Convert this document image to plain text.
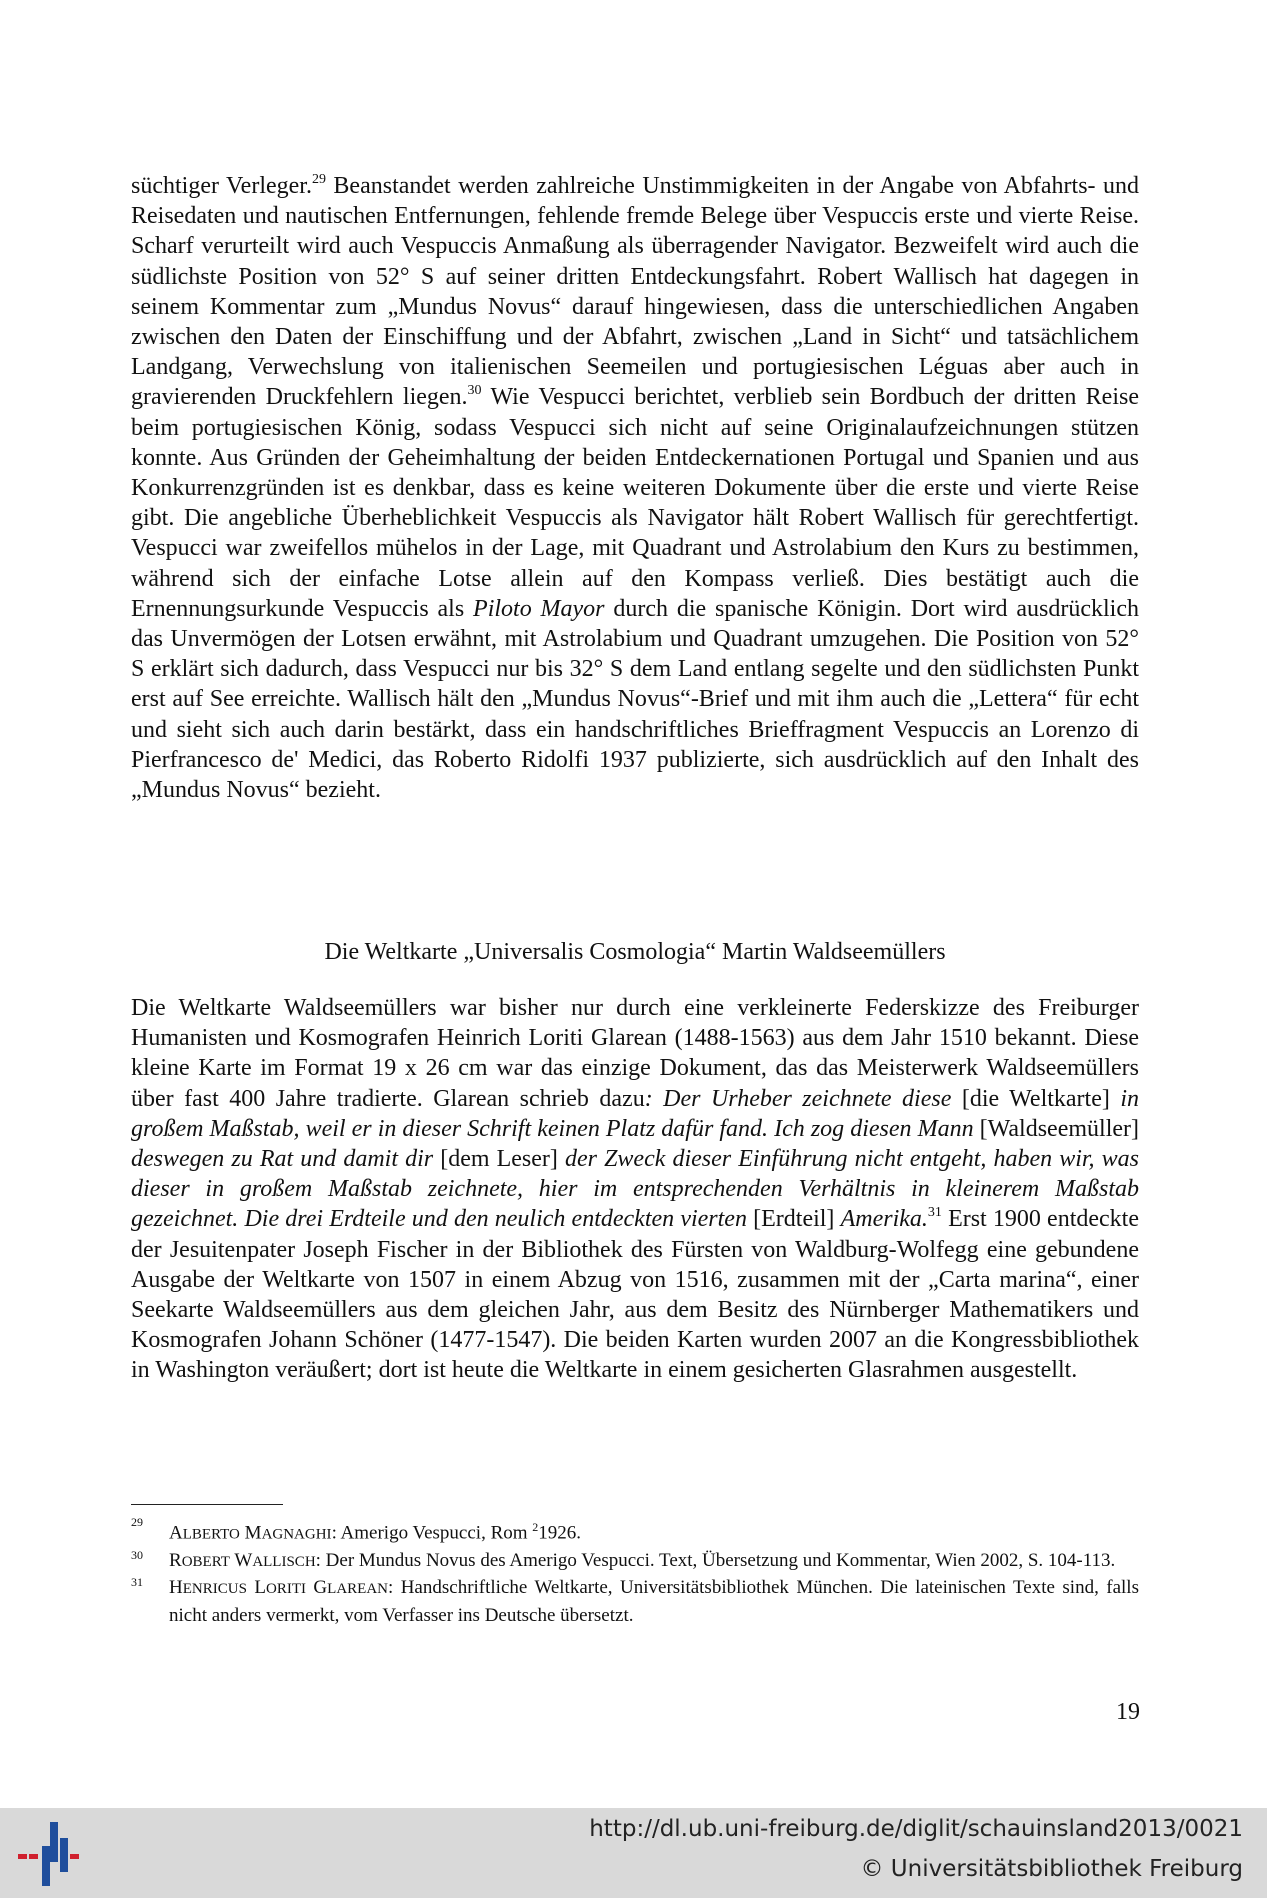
süchtiger Verleger.$^{29}$ Beanstandet werden zahlreiche Unstimmigkeiten in der Angabe von Abfahrts- und Reisedaten und nautischen Entfernungen, fehlende fremde Belege über Vespuccis erste und vierte Reise. Scharf verurteilt wird auch Vespuccis Anmaßung als überragender Navigator. Bezweifelt wird auch die südlichste Position von 52° S auf seiner dritten Entdeckungsfahrt. Robert Wallisch hat dagegen in seinem Kommentar zum „Mundus Novus“ darauf hingewiesen, dass die unterschiedlichen Angaben zwischen den Daten der Einschiffung und der Abfahrt, zwischen „Land in Sicht“ und tatsächlichem Landgang, Verwechslung von italienischen Seemeilen und portugiesischen Léguas aber auch in gravierenden Druckfehlern liegen.$^{30}$ Wie Vespucci berichtet, verblieb sein Bordbuch der dritten Reise beim portugiesischen König, sodass Vespucci sich nicht auf seine Originalaufzeichnungen stützen konnte. Aus Gründen der Geheimhaltung der beiden Entdeckernationen Portugal und Spanien und aus Konkurrenzgründen ist es denkbar, dass es keine weiteren Dokumente über die erste und vierte Reise gibt. Die angebliche Überheblichkeit Vespuccis als Navigator hält Robert Wallisch für gerechtfertigt. Vespucci war zweifellos mühelos in der Lage, mit Quadrant und Astrolabium den Kurs zu bestimmen, während sich der einfache Lotse allein auf den Kompass verließ. Dies bestätigt auch die Ernennungsurkunde Vespuccis als Piloto Mayor durch die spanische Königin. Dort wird ausdrücklich das Unvermögen der Lotsen erwähnt, mit Astrolabium und Quadrant umzugehen. Die Position von 52° S erklärt sich dadurch, dass Vespucci nur bis 32° S dem Land entlang segelte und den südlichsten Punkt erst auf See erreichte. Wallisch hält den „Mundus Novus“-Brief und mit ihm auch die „Lettera“ für echt und sieht sich auch darin bestärkt, dass ein handschriftliches Brieffragment Vespuccis an Lorenzo di Pierfrancesco de' Medici, das Roberto Ridolfi 1937 publizierte, sich ausdrücklich auf den Inhalt des „Mundus Novus“ bezieht.

Die Weltkarte „Universalis Cosmologia“ Martin Waldseemüllers

Die Weltkarte Waldseemüllers war bisher nur durch eine verkleinerte Federskizze des Freiburger Humanisten und Kosmografen Heinrich Loriti Glarean (1488-1563) aus dem Jahr 1510 bekannt. Diese kleine Karte im Format 19 x 26 cm war das einzige Dokument, das das Meisterwerk Waldseemüllers über fast 400 Jahre tradierte. Glarean schrieb dazu: Der Urheber zeichnete diese [die Weltkarte] in großem Maßstab, weil er in dieser Schrift keinen Platz dafür fand. Ich zog diesen Mann [Waldseemüller] deswegen zu Rat und damit dir [dem Leser] der Zweck dieser Einführung nicht entgeht, haben wir, was dieser in großem Maßstab zeichnete, hier im entsprechenden Verhältnis in kleinerem Maßstab gezeichnet. Die drei Erdteile und den neulich entdeckten vierten [Erdteil] Amerika.$^{31}$ Erst 1900 entdeckte der Jesuitenpater Joseph Fischer in der Bibliothek des Fürsten von Waldburg-Wolfegg eine gebundene Ausgabe der Weltkarte von 1507 in einem Abzug von 1516, zusammen mit der „Carta marina“, einer Seekarte Waldseemüllers aus dem gleichen Jahr, aus dem Besitz des Nürnberger Mathematikers und Kosmografen Johann Schöner (1477-1547). Die beiden Karten wurden 2007 an die Kongressbibliothek in Washington veräußert; dort ist heute die Weltkarte in einem gesicherten Glasrahmen ausgestellt.

29
ALBERTO MAGNAGHI: Amerigo Vespucci, Rom $^2$1926.
30 ROBERT WALLISCH: Der Mundus Novus des Amerigo Vespucci. Text, Übersetzung und Kommentar, Wien 2002, S. 104-113.
31 HENRICUS LORITI GLAREAN: Handschriftliche Weltkarte, Universitätsbibliothek München. Die lateinischen Texte sind, falls nicht anders vermerkt, vom Verfasser ins Deutsche übersetzt.
19
http://dl.ub.uni-freiburg.de/diglit/schauinsland2013/0021
© Universitätsbibliothek Freiburg
